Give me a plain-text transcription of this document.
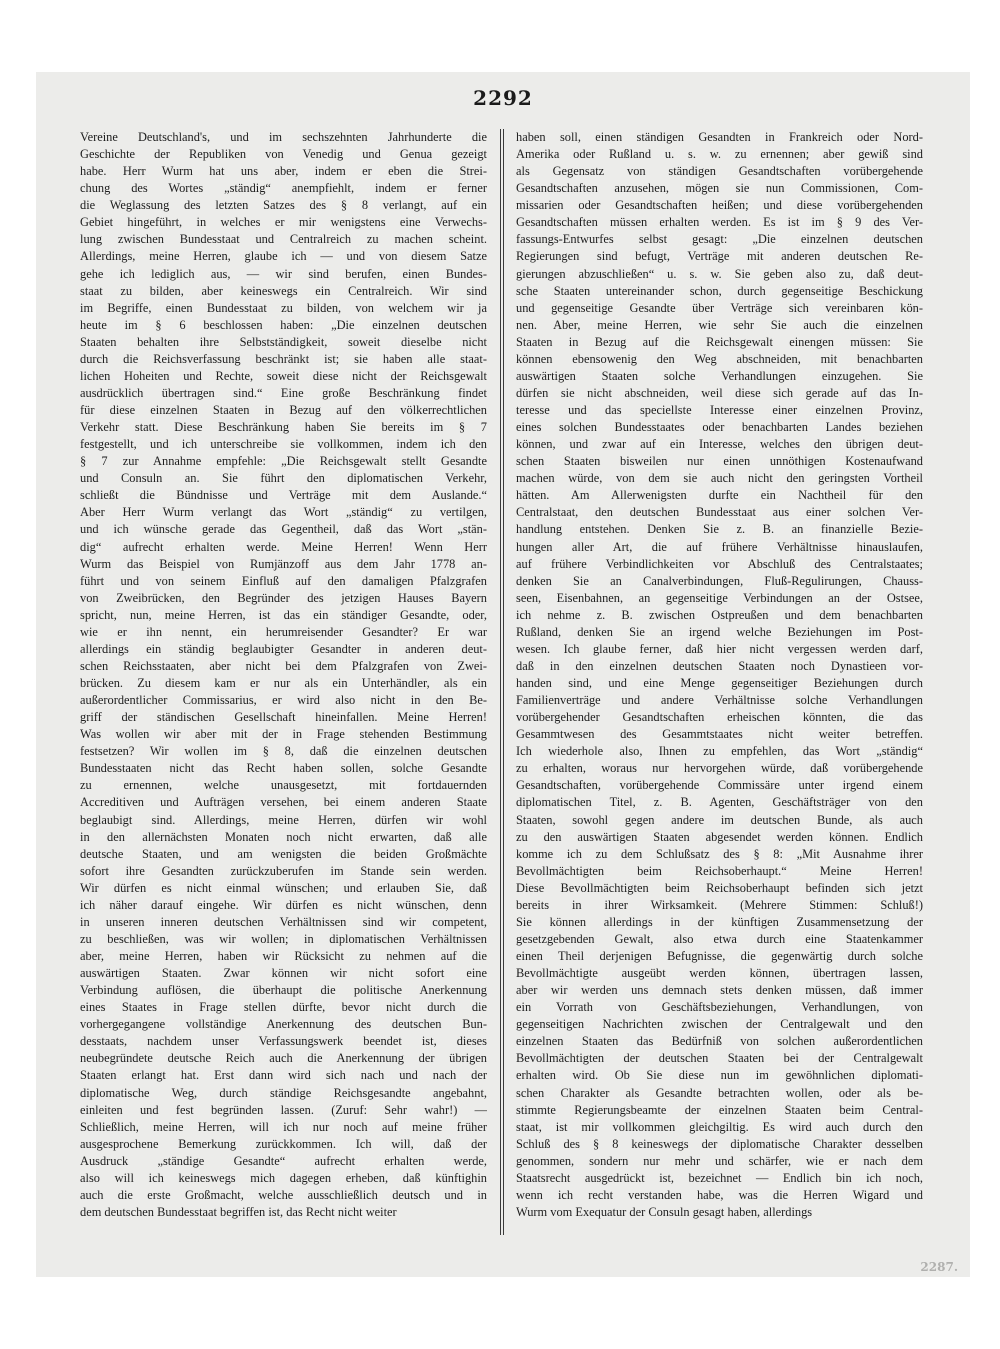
2292
Vereine Deutschland's, und im sechszehnten Jahrhunderte die
Geschichte der Republiken von Venedig und Genua gezeigt
habe. Herr Wurm hat uns aber, indem er eben die Strei-
chung des Wortes „ständig“ anempfiehlt, indem er ferner
die Weglassung des letzten Satzes des § 8 verlangt, auf ein
Gebiet hingeführt, in welches er mir wenigstens eine Verwechs-
lung zwischen Bundesstaat und Centralreich zu machen scheint.
Allerdings, meine Herren, glaube ich — und von diesem Satze
gehe ich lediglich aus, — wir sind berufen, einen Bundes-
staat zu bilden, aber keineswegs ein Centralreich. Wir sind
im Begriffe, einen Bundesstaat zu bilden, von welchem wir ja
heute im § 6 beschlossen haben: „Die einzelnen deutschen
Staaten behalten ihre Selbstständigkeit, soweit dieselbe nicht
durch die Reichsverfassung beschränkt ist; sie haben alle staat-
lichen Hoheiten und Rechte, soweit diese nicht der Reichsgewalt
ausdrücklich übertragen sind.“ Eine große Beschränkung findet
für diese einzelnen Staaten in Bezug auf den völkerrechtlichen
Verkehr statt. Diese Beschränkung haben Sie bereits im § 7
festgestellt, und ich unterschreibe sie vollkommen, indem ich den
§ 7 zur Annahme empfehle: „Die Reichsgewalt stellt Gesandte
und Consuln an. Sie führt den diplomatischen Verkehr,
schließt die Bündnisse und Verträge mit dem Auslande.“
Aber Herr Wurm verlangt das Wort „ständig“ zu vertilgen,
und ich wünsche gerade das Gegentheil, daß das Wort „stän-
dig“ aufrecht erhalten werde. Meine Herren! Wenn Herr
Wurm das Beispiel von Rumjänzoff aus dem Jahr 1778 an-
führt und von seinem Einfluß auf den damaligen Pfalzgrafen
von Zweibrücken, den Begründer des jetzigen Hauses Bayern
spricht, nun, meine Herren, ist das ein ständiger Gesandte, oder,
wie er ihn nennt, ein herumreisender Gesandter? Er war
allerdings ein ständig beglaubigter Gesandter in anderen deut-
schen Reichsstaaten, aber nicht bei dem Pfalzgrafen von Zwei-
brücken. Zu diesem kam er nur als ein Unterhändler, als ein
außerordentlicher Commissarius, er wird also nicht in den Be-
griff der ständischen Gesellschaft hineinfallen. Meine Herren!
Was wollen wir aber mit der in Frage stehenden Bestimmung
festsetzen? Wir wollen im § 8, daß die einzelnen deutschen
Bundesstaaten nicht das Recht haben sollen, solche Gesandte
zu ernennen, welche unausgesetzt, mit fortdauernden
Accreditiven und Aufträgen versehen, bei einem anderen Staate
beglaubigt sind. Allerdings, meine Herren, dürfen wir wohl
in den allernächsten Monaten noch nicht erwarten, daß alle
deutsche Staaten, und am wenigsten die beiden Großmächte
sofort ihre Gesandten zurückzuberufen im Stande sein werden.
Wir dürfen es nicht einmal wünschen; und erlauben Sie, daß
ich näher darauf eingehe. Wir dürfen es nicht wünschen, denn
in unseren inneren deutschen Verhältnissen sind wir competent,
zu beschließen, was wir wollen; in diplomatischen Verhältnissen
aber, meine Herren, haben wir Rücksicht zu nehmen auf die
auswärtigen Staaten. Zwar können wir nicht sofort eine
Verbindung auflösen, die überhaupt die politische Anerkennung
eines Staates in Frage stellen dürfte, bevor nicht durch die
vorhergegangene vollständige Anerkennung des deutschen Bun-
desstaats, nachdem unser Verfassungswerk beendet ist, dieses
neubegründete deutsche Reich auch die Anerkennung der übrigen
Staaten erlangt hat. Erst dann wird sich nach und nach der
diplomatische Weg, durch ständige Reichsgesandte angebahnt,
einleiten und fest begründen lassen. (Zuruf: Sehr wahr!) —
Schließlich, meine Herren, will ich nur noch auf meine früher
ausgesprochene Bemerkung zurückkommen. Ich will, daß der
Ausdruck „ständige Gesandte“ aufrecht erhalten werde,
also will ich keineswegs mich dagegen erheben, daß künftighin
auch die erste Großmacht, welche ausschließlich deutsch und in
dem deutschen Bundesstaat begriffen ist, das Recht nicht weiter
haben soll, einen ständigen Gesandten in Frankreich oder Nord-
Amerika oder Rußland u. s. w. zu ernennen; aber gewiß sind
als Gegensatz von ständigen Gesandtschaften vorübergehende
Gesandtschaften anzusehen, mögen sie nun Commissionen, Com-
missarien oder Gesandtschaften heißen; und diese vorübergehenden
Gesandtschaften müssen erhalten werden. Es ist im § 9 des Ver-
fassungs-Entwurfes selbst gesagt: „Die einzelnen deutschen
Regierungen sind befugt, Verträge mit anderen deutschen Re-
gierungen abzuschließen“ u. s. w. Sie geben also zu, daß deut-
sche Staaten untereinander schon, durch gegenseitige Beschickung
und gegenseitige Gesandte über Verträge sich vereinbaren kön-
nen. Aber, meine Herren, wie sehr Sie auch die einzelnen
Staaten in Bezug auf die Reichsgewalt einengen müssen: Sie
können ebensowenig den Weg abschneiden, mit benachbarten
auswärtigen Staaten solche Verhandlungen einzugehen. Sie
dürfen sie nicht abschneiden, weil diese sich gerade auf das In-
teresse und das speciellste Interesse einer einzelnen Provinz,
eines solchen Bundesstaates oder benachbarten Landes beziehen
können, und zwar auf ein Interesse, welches den übrigen deut-
schen Staaten bisweilen nur einen unnöthigen Kostenaufwand
machen würde, von dem sie auch nicht den geringsten Vortheil
hätten. Am Allerwenigsten durfte ein Nachtheil für den
Centralstaat, den deutschen Bundesstaat aus einer solchen Ver-
handlung entstehen. Denken Sie z. B. an finanzielle Bezie-
hungen aller Art, die auf frühere Verhältnisse hinauslaufen,
auf frühere Verbindlichkeiten vor Abschluß des Centralstaates;
denken Sie an Canalverbindungen, Fluß-Regulirungen, Chauss-
seen, Eisenbahnen, an gegenseitige Verbindungen an der Ostsee,
ich nehme z. B. zwischen Ostpreußen und dem benachbarten
Rußland, denken Sie an irgend welche Beziehungen im Post-
wesen. Ich glaube ferner, daß hier nicht vergessen werden darf,
daß in den einzelnen deutschen Staaten noch Dynastieen vor-
handen sind, und eine Menge gegenseitiger Beziehungen durch
Familienverträge und andere Verhältnisse solche Verhandlungen
vorübergehender Gesandtschaften erheischen könnten, die das
Gesammtwesen des Gesammtstaates nicht weiter betreffen.
Ich wiederhole also, Ihnen zu empfehlen, das Wort „ständig“
zu erhalten, woraus nur hervorgehen würde, daß vorübergehende
Gesandtschaften, vorübergehende Commissäre unter irgend einem
diplomatischen Titel, z. B. Agenten, Geschäftsträger von den
Staaten, sowohl gegen andere im deutschen Bunde, als auch
zu den auswärtigen Staaten abgesendet werden können. Endlich
komme ich zu dem Schlußsatz des § 8: „Mit Ausnahme ihrer
Bevollmächtigten beim Reichsoberhaupt.“ Meine Herren!
Diese Bevollmächtigten beim Reichsoberhaupt befinden sich jetzt
bereits in ihrer Wirksamkeit. (Mehrere Stimmen: Schluß!)
Sie können allerdings in der künftigen Zusammensetzung der
gesetzgebenden Gewalt, also etwa durch eine Staatenkammer
einen Theil derjenigen Befugnisse, die gegenwärtig durch solche
Bevollmächtigte ausgeübt werden können, übertragen lassen,
aber wir werden uns demnach stets denken müssen, daß immer
ein Vorrath von Geschäftsbeziehungen, Verhandlungen, von
gegenseitigen Nachrichten zwischen der Centralgewalt und den
einzelnen Staaten das Bedürfniß von solchen außerordentlichen
Bevollmächtigten der deutschen Staaten bei der Centralgewalt
erhalten wird. Ob Sie diese nun im gewöhnlichen diplomati-
schen Charakter als Gesandte betrachten wollen, oder als be-
stimmte Regierungsbeamte der einzelnen Staaten beim Central-
staat, ist mir vollkommen gleichgiltig. Es wird auch durch den
Schluß des § 8 keineswegs der diplomatische Charakter desselben
genommen, sondern nur mehr und schärfer, wie er nach dem
Staatsrecht ausgedrückt ist, bezeichnet — Endlich bin ich noch,
wenn ich recht verstanden habe, was die Herren Wigard und
Wurm vom Exequatur der Consuln gesagt haben, allerdings
2287.
